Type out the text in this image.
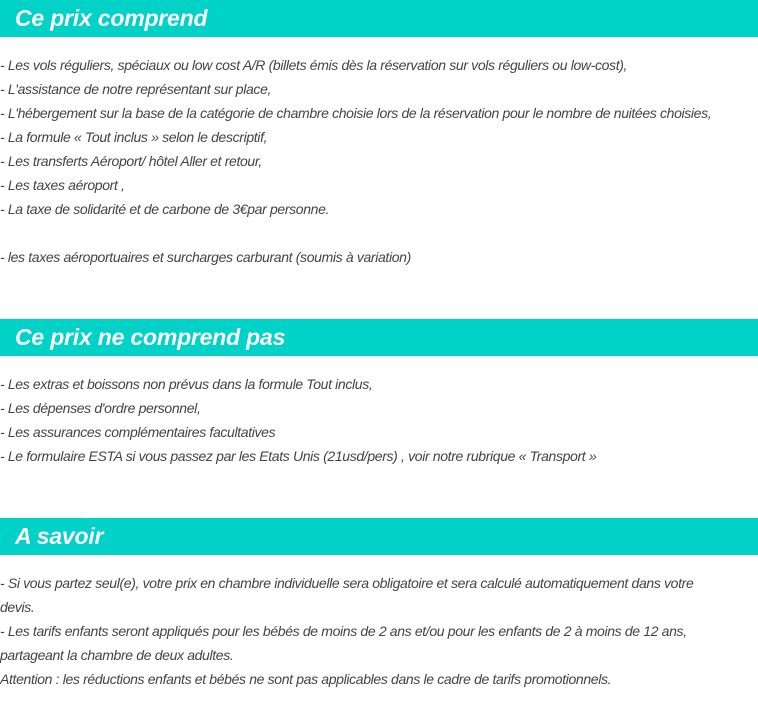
Ce prix comprend
- Les vols réguliers, spéciaux ou low cost A/R (billets émis dès la réservation sur vols réguliers ou low-cost),
- L'assistance de notre représentant sur place,
- L'hébergement sur la base de la catégorie de chambre choisie lors de la réservation pour le nombre de nuitées choisies,
- La formule « Tout inclus » selon le descriptif,
- Les transferts Aéroport/ hôtel Aller et retour,
- Les taxes aéroport ,
- La taxe de solidarité et de carbone de 3€par personne.
- les taxes aéroportuaires et surcharges carburant (soumis à variation)
Ce prix ne comprend pas
- Les extras et boissons non prévus dans la formule Tout inclus,
- Les dépenses d'ordre personnel,
- Les assurances complémentaires facultatives
- Le formulaire ESTA si vous passez par les Etats Unis (21usd/pers) , voir notre rubrique « Transport »
A savoir
- Si vous partez seul(e), votre prix en chambre individuelle sera obligatoire et sera calculé automatiquement dans votre
devis.
- Les tarifs enfants seront appliqués pour les bébés de moins de 2 ans et/ou pour les enfants de 2 à moins de 12 ans,
partageant la chambre de deux adultes.
Attention : les réductions enfants et bébés ne sont pas applicables dans le cadre de tarifs promotionnels.
